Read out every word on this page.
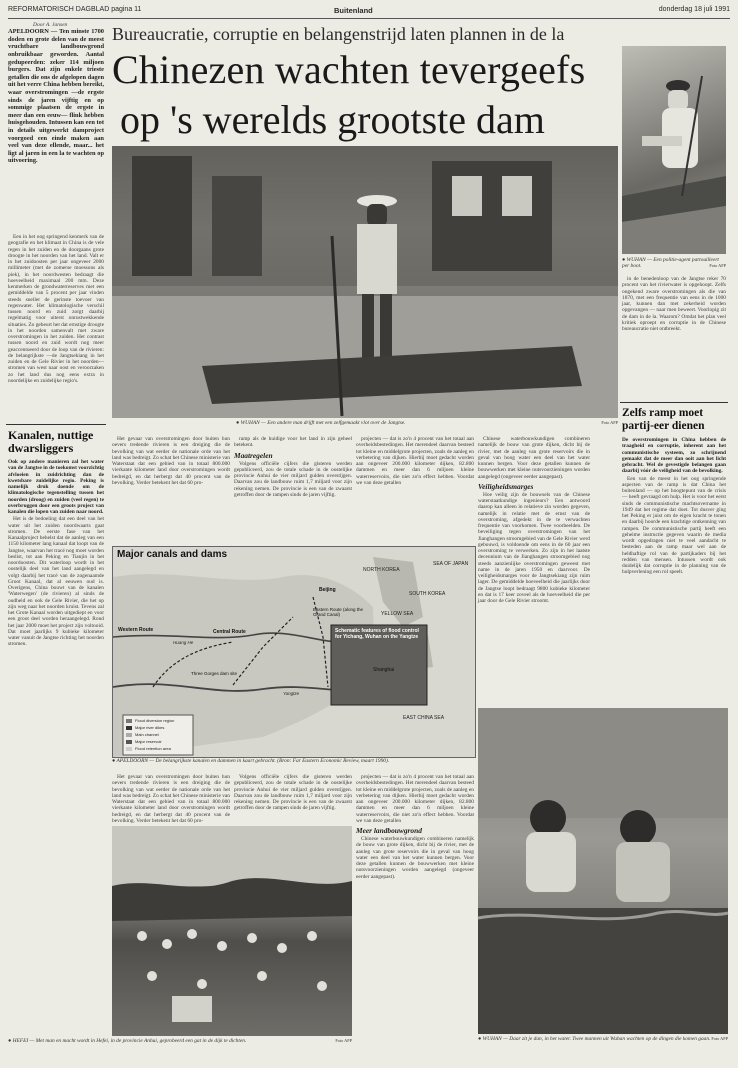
REFORMATORISCH DAGBLAD pagina 11	Buitenland	donderdag 18 juli 1991
Door A. Jansen

APELDOORN — Ten minste 1700 doden en grote delen van de meest vruchtbare landbouwgrond onbruikbaar geworden. Aantal gedupeerden: zeker 114 miljoen burgers. Dat zijn enkele trieste getallen die ons de afgelopen dagen uit het verre China hebben bereikt, waar overstromingen —de ergste sinds de jaren vijftig en op sommige plaatsen de ergste in meer dan een eeuw— flink hebben huisgehouden. Intussen kan een tot in details uitgewerkt damproject voorgoed een einde maken aan veel van deze ellende, maar... het ligt al jaren in een la te wachten op uitvoering.

Bureaucratie, corruptie en belangenstrijd laten plannen in de la
Chinezen wachten tevergeefs
op 's werelds grootste dam
● WUHAN — Een politie-agent patrouilleert per boot.	Foto AFP
● WUHAN — Een andere man drijft met een zelfgemaakt vlot over de Jangtse.	Foto AFP

Een in het oog springend kenmerk van de geografie en het klimaat in China is de vele regen in het zuiden en de doorgaans grote droogte in het noorden van het land. Valt er in het zuidoosten per jaar ongeveer 2000 millimeter (met de zomerse moessons als piek), in het noordwesten bedraagt die hoeveelheid maximaal 200 mm. Deze kenmerken de grondwaterreserves met een gemiddelde van 5 procent per jaar vinden steeds sneller de gerinste toevoer van regenwater. Het klimatologische verschil tussen noord en zuid zorgt daarbij regelmatig voor uiterst onrustwekkende situaties. Zo gebeurt het dat ernstige droogte in het noorden samenvalt met zware overstromingen in het zuiden. Het contrast tussen noord en zuid wordt nog meer geaccentueerd door de loop van de rivieren: de belangrijkste —de Jangtsekiang in het zuiden en de Gele Rivier in het noorden— stromen van west naar oost en veroorzaken zo het land dus nog eens extra in noordelijke en zuidelijke regio's.

Kanalen, nuttige dwarsliggers

Ook op andere manieren zal het water van de Jangtse in de toekomst voorzichtig afvloeien in zuidrichting dan de kwetsbare zuidelijke regio. Peking is namelijk druk doende om de klimatologische tegenstelling tussen het noorden (droog) en zuiden (veel regen) te overbruggen door een groots project van kanalen die lopen van zuiden naar noord.

Het is de bedoeling dat een deel van het water uit het zuiden noordwaarts gaat stromen. De eerste fase van het Kanaalproject behelst dat de aanleg van een 1150 kilometer lang kanaal dat loopt van de Jangtse, waarvan het tracé nog moet worden beslist, tot aan Peking en Tianjin in het noordoosten. Dit waterloop wordt in het oostelijk deel van het land aangelegd en volgt daarbij het tracé van de zogenaamde Groot Kanaal, dat al eeuwen oud is. Overigens, China bouwt van de kanalen 'Waterwegen' (de rivieren) al sinds de oudheid en ook de Gele Rivier, die het op zijn weg naar het noorden kruist. Tevens zal het Grote Kanaal worden uitgediept en voor een groot deel worden heraangelegd. Rond het jaar 2000 moet het project zijn voltooid. Dat moet jaarlijks 9 kubieke kilometer water vanuit de Jangtse richting het noorden stromen.

Het gevaar van overstromingen door buiten hun oevers tredende rivieren is een dreiging die de bevolking van wat eerder de nationale orde van het land was bedreigt. Zo schat het Chinese ministerie van Waterstaat dat een gebied van in totaal 800.000 vierkante kilometer land door overstromingen wordt bedreigd, en dat herbergt dat 40 procent van de bevolking. Verder betekent het dat 60 pro-

ramp als de huidige voor het land in zijn geheel betekent.

Maatregelen

Volgens officiële cijfers die gisteren werden gepubliceerd, zou de totale schade in de oostelijke provincie Anhui de vier miljard gulden overstijgen. Daarvan zou de landbouw ruim 1,7 miljard voor zijn rekening nemen. De provincie is een van de zwaarst getroffen door de rampen sinds de jaren vijftig.

projecten — dat is zo'n 4 procent van het totaal aan overheidsbestedingen. Het merendeel daarvan besteed tot kleine en middelgrote projecten, zoals de aanleg en verbetering van dijken. Hierbij moet gedacht worden aan ongeveer 200.000 kilometer dijken, 82.800 dammen en meer dan 6 miljoen kleine waterreservoirs, die niet zo'n effect hebben. Voordat we van deze getallen

Chinese waterbouwkundigen combineren namelijk de bouw van grote dijken, dicht bij de rivier, met de aanleg van grote reservoirs die in geval van hoog water een deel van het water kunnen bergen. Voor deze getallen kunnen de bouwwerken met kleine nutsvoorzieningen worden aangelegd (ongeveer eerder aangepast).

Veiligheidsmarges

Hoe veilig zijn de bouwsels van de Chinese waterstaatkundige ingenieurs? Een antwoord daarop kan alleen in relatieve zin worden gegeven, namelijk in relatie met de ernst van de overstroming, afgedekt in de te verwachten frequentie van voorkomen. Twee voorbeelden. De beveiliging tegen overstromingen van het Jianghangen stroomgebied van de Gele Rivier werd gebouwd, is voldoende om eens in de 60 jaar een overstroming te verwerken. Zo zijn in het laatste decennium van de Jianghangen stroomgebied nog steeds aanzienlijke overstromingen geweest met name in de jaren 1950 en daarvoor. De veiligheidsmarges voor de Jangtsekiang zijn ruim lager. De gemiddelde hoeveelheid die jaarlijks door de Jangtse loopt bedraagt 9800 kubieke kilometer en dat is 17 keer zoveel als de hoeveelheid die per jaar door de Gele Rivier stroomt.

Major canals and dams
NORTH KOREA
SOUTH KOREA
SEA OF JAPAN
Beijing
YELLOW SEA
Eastern Route (along the Grand Canal)
Western Route	Central Route
Three Gorges dam site
Shanghai
Schematic features of flood control for Yichang, Wuhan on the Yangtze
Huang He
Yangtze
EAST CHINA SEA
Flood diversion region
Major river dikes
Main channel
Major reservoir
Flood retention area
● APELDOORN — De belangrijkste kanalen en dammen in kaart gebracht. (Bron: Far Eastern Economic Review, maart 1990).

Het gevaar van overstromingen door buiten hun oevers tredende rivieren is een dreiging die de bevolking van wat eerder de nationale orde van het land was bedreigt. Zo schat het Chinese ministerie van Waterstaat dat een gebied van in totaal 800.000 vierkante kilometer land door overstromingen wordt bedreigd, en dat herbergt dat 40 procent van de bevolking. Verder betekent het dat 60 pro-

Volgens officiële cijfers die gisteren werden gepubliceerd, zou de totale schade in de oostelijke provincie Anhui de vier miljard gulden overstijgen. Daarvan zou de landbouw ruim 1,7 miljard voor zijn rekening nemen. De provincie is een van de zwaarst getroffen door de rampen sinds de jaren vijftig.

projecten — dat is zo'n 4 procent van het totaal aan overheidsbestedingen. Het merendeel daarvan besteed tot kleine en middelgrote projecten, zoals de aanleg en verbetering van dijken. Hierbij moet gedacht worden aan ongeveer 200.000 kilometer dijken, 82.800 dammen en meer dan 6 miljoen kleine waterreservoirs, die niet zo'n effect hebben. Voordat we van deze getallen

Meer landbouwgrond

Chinese waterbouwkundigen combineren namelijk de bouw van grote dijken, dicht bij de rivier, met de aanleg van grote reservoirs die in geval van hoog water een deel van het water kunnen bergen. Voor deze getallen kunnen de bouwwerken met kleine nutsvoorzieningen worden aangelegd (ongeveer eerder aangepast).

● HEFEI — Met man en macht wordt in Hefei, in de provincie Anhui, geprobeerd een gat in de dijk te dichten.	Foto AFP

in de benedenloop van de Jangtse reker 70 procent van het rivierwater is opgehoopt. Zelfs ongekend zware overstromingen als die van 1870, met een frequentie van eens in de 1000 jaar, kunnen dan met zekerheid worden opgevangen — naar men beweert. Voorlopig zit de dam in de la. Waarom? Omdat het plan veel kritiek oproept en corruptie in de Chinese bureaucratie niet ontbreekt.

Zelfs ramp moet partij-eer dienen

De overstromingen in China hebben de traagheid en corruptie, inherent aan het communistische systeem, zo schrijnend gemaakt dat de meer dan ooit aan het licht gebracht. Wel de gevestigde belangen gaan daarbij vóór de veiligheid van de bevolking.

Een van de meest in het oog springende aspecten van de ramp is dat China het buitenland — op het hoogtepunt van de crisis — heeft gevraagd om hulp. Het is voor het eerst sinds de communistische machtsovername in 1949 dat het regime dat doet. Tot dusver ging het Peking er juist om de eigen kracht te tonen en daarbij hoorde een krachtige ontkenning van rampen. De communistische partij heeft een geheime instructie gegeven waarin de media wordt opgedragen niet te veel aandacht te besteden aan de ramp maar wel aan de heldhaftige rol van de partijkaders bij het redden van mensen. Intussen wordt ook duidelijk dat corruptie in de planning van de hulpverlening een rol speelt.

● WUHAN — Daar zit je dan, in het water. Twee mannen uit Wuhan wachten op de dingen die komen gaan. Foto AFP
